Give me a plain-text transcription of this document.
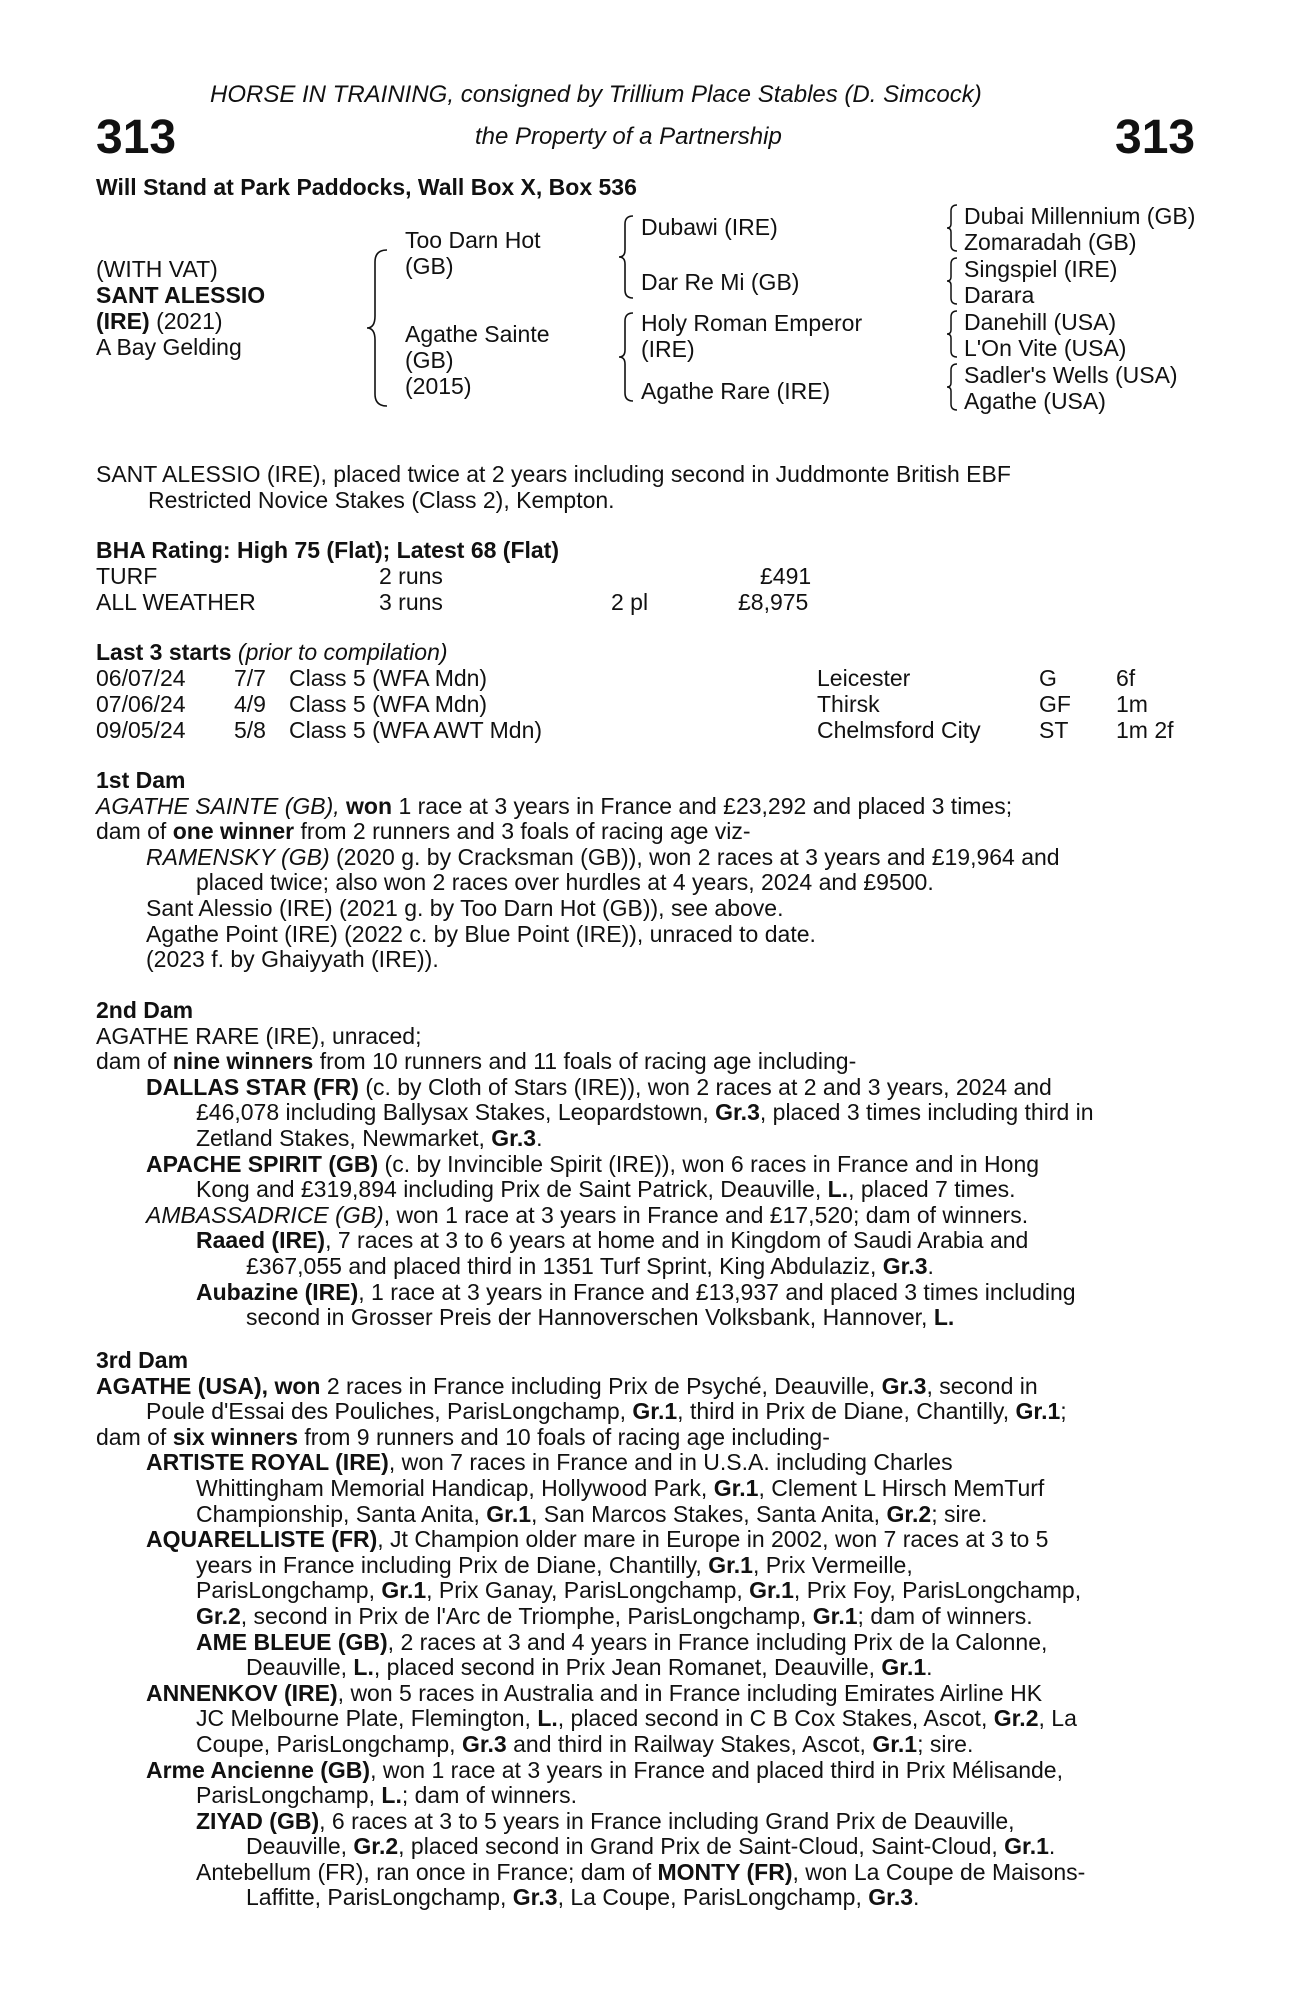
HORSE IN TRAINING, consigned by Trillium Place Stables (D. Simcock)
313	the Property of a Partnership	313
Will Stand at Park Paddocks, Wall Box X, Box 536
(WITH VAT)
SANT ALESSIO
(IRE) (2021)
A Bay Gelding
Too Darn Hot
(GB)
Agathe Sainte
(GB)
(2015)
Dubawi (IRE)
Dar Re Mi (GB)
Holy Roman Emperor
(IRE)
Agathe Rare (IRE)
Dubai Millennium (GB)
Zomaradah (GB)
Singspiel (IRE)
Darara
Danehill (USA)
L'On Vite (USA)
Sadler's Wells (USA)
Agathe (USA)
SANT ALESSIO (IRE), placed twice at 2 years including second in Juddmonte British EBF
Restricted Novice Stakes (Class 2), Kempton.
BHA Rating: High 75 (Flat); Latest 68 (Flat)
TURF	2 runs	£491
ALL WEATHER	3 runs	2 pl	£8,975
Last 3 starts (prior to compilation)
06/07/24 7/7 Class 5 (WFA Mdn)	Leicester	G	6f
07/06/24 4/9 Class 5 (WFA Mdn)	Thirsk	GF 1m
09/05/24 5/8 Class 5 (WFA AWT Mdn)	Chelmsford City	ST 1m 2f
1st Dam
AGATHE SAINTE (GB), won 1 race at 3 years in France and £23,292 and placed 3 times;
dam of one winner from 2 runners and 3 foals of racing age viz-
RAMENSKY (GB) (2020 g. by Cracksman (GB)), won 2 races at 3 years and £19,964 and
placed twice; also won 2 races over hurdles at 4 years, 2024 and £9500.
Sant Alessio (IRE) (2021 g. by Too Darn Hot (GB)), see above.
Agathe Point (IRE) (2022 c. by Blue Point (IRE)), unraced to date.
(2023 f. by Ghaiyyath (IRE)).
2nd Dam
AGATHE RARE (IRE), unraced;
dam of nine winners from 10 runners and 11 foals of racing age including-
DALLAS STAR (FR) (c. by Cloth of Stars (IRE)), won 2 races at 2 and 3 years, 2024 and
£46,078 including Ballysax Stakes, Leopardstown, Gr.3, placed 3 times including third in
Zetland Stakes, Newmarket, Gr.3.
APACHE SPIRIT (GB) (c. by Invincible Spirit (IRE)), won 6 races in France and in Hong
Kong and £319,894 including Prix de Saint Patrick, Deauville, L., placed 7 times.
AMBASSADRICE (GB), won 1 race at 3 years in France and £17,520; dam of winners.
Raaed (IRE), 7 races at 3 to 6 years at home and in Kingdom of Saudi Arabia and
£367,055 and placed third in 1351 Turf Sprint, King Abdulaziz, Gr.3.
Aubazine (IRE), 1 race at 3 years in France and £13,937 and placed 3 times including
second in Grosser Preis der Hannoverschen Volksbank, Hannover, L.
3rd Dam
AGATHE (USA), won 2 races in France including Prix de Psyché, Deauville, Gr.3, second in
Poule d'Essai des Pouliches, ParisLongchamp, Gr.1, third in Prix de Diane, Chantilly, Gr.1;
dam of six winners from 9 runners and 10 foals of racing age including-
ARTISTE ROYAL (IRE), won 7 races in France and in U.S.A. including Charles
Whittingham Memorial Handicap, Hollywood Park, Gr.1, Clement L Hirsch MemTurf
Championship, Santa Anita, Gr.1, San Marcos Stakes, Santa Anita, Gr.2; sire.
AQUARELLISTE (FR), Jt Champion older mare in Europe in 2002, won 7 races at 3 to 5
years in France including Prix de Diane, Chantilly, Gr.1, Prix Vermeille,
ParisLongchamp, Gr.1, Prix Ganay, ParisLongchamp, Gr.1, Prix Foy, ParisLongchamp,
Gr.2, second in Prix de l'Arc de Triomphe, ParisLongchamp, Gr.1; dam of winners.
AME BLEUE (GB), 2 races at 3 and 4 years in France including Prix de la Calonne,
Deauville, L., placed second in Prix Jean Romanet, Deauville, Gr.1.
ANNENKOV (IRE), won 5 races in Australia and in France including Emirates Airline HK
JC Melbourne Plate, Flemington, L., placed second in C B Cox Stakes, Ascot, Gr.2, La
Coupe, ParisLongchamp, Gr.3 and third in Railway Stakes, Ascot, Gr.1; sire.
Arme Ancienne (GB), won 1 race at 3 years in France and placed third in Prix Mélisande,
ParisLongchamp, L.; dam of winners.
ZIYAD (GB), 6 races at 3 to 5 years in France including Grand Prix de Deauville,
Deauville, Gr.2, placed second in Grand Prix de Saint-Cloud, Saint-Cloud, Gr.1.
Antebellum (FR), ran once in France; dam of MONTY (FR), won La Coupe de Maisons-
Laffitte, ParisLongchamp, Gr.3, La Coupe, ParisLongchamp, Gr.3.
